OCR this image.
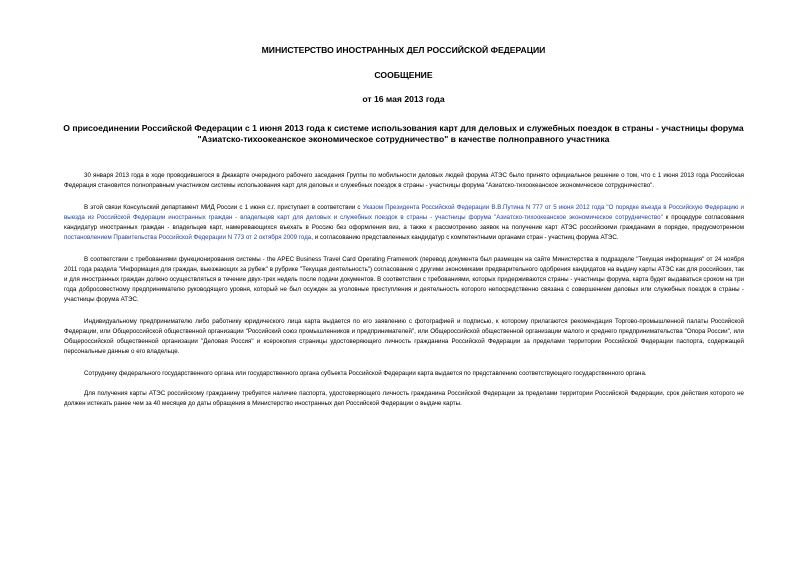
МИНИСТЕРСТВО ИНОСТРАННЫХ ДЕЛ РОССИЙСКОЙ ФЕДЕРАЦИИ
СООБЩЕНИЕ
от 16 мая 2013 года
О присоединении Российской Федерации с 1 июня 2013 года к системе использования карт для деловых и служебных поездок в страны - участницы форума "Азиатско-тихоокеанское экономическое сотрудничество" в качестве полноправного участника

30 января 2013 года в ходе проводившегося в Джакарте очередного рабочего заседания Группы по мобильности деловых людей форума АТЭС было принято официальное решение о том, что с 1 июня 2013 года Российская Федерация становится полноправным участником системы использования карт для деловых и служебных поездок в страны - участницы форума "Азиатско-тихоокеанское экономическое сотрудничество".

В этой связи Консульский департамент МИД России с 1 июня с.г. приступает в соответствии с Указом Президента Российской Федерации В.В.Путина N 777 от 5 июня 2012 года "О порядке въезда в Российскую Федерацию и выезда из Российской Федерации иностранных граждан - владельцев карт для деловых и служебных поездок в страны - участницы форума "Азиатско-тихоокеанское экономическое сотрудничество" к процедуре согласования кандидатур иностранных граждан - владельцев карт, намеревающихся въехать в Россию без оформления виз, а также к рассмотрению заявок на получение карт АТЭС российскими гражданами в порядке, предусмотренном постановлением Правительства Российской Федерации N 773 от 2 октября 2009 года, и согласованию представленных кандидатур с компетентными органами стран - участниц форума АТЭС.

В соответствии с требованиями функционирования системы - the APEC Business Travel Card Operating Framework (перевод документа был размещен на сайте Министерства в подразделе "Текущая информация" от 24 ноября 2011 года раздела "Информация для граждан, выезжающих за рубеж" в рубрике "Текущая деятельность") согласование с другими экономиками предварительного одобрения кандидатов на выдачу карты АТЭС как для российских, так и для иностранных граждан должно осуществляться в течение двух-трех недель после подачи документов. В соответствии с требованиями, которых придерживаются страны - участницы форума, карта будет выдаваться сроком на три года добросовестному предпринимателю руководящего уровня, который не был осужден за уголовные преступления и деятельность которого непосредственно связана с совершением деловых или служебных поездок в страны - участницы форума АТЭС.

Индивидуальному предпринимателю либо работнику юридического лица карта выдается по его заявлению с фотографией и подписью, к которому прилагаются рекомендация Торгово-промышленной палаты Российской Федерации, или Общероссийской общественной организации "Российский союз промышленников и предпринимателей", или Общероссийской общественной организации малого и среднего предпринимательства "Опора России", или Общероссийской общественной организации "Деловая Россия" и ксерокопия страницы удостоверяющего личность гражданина Российской Федерации за пределами территории Российской Федерации паспорта, содержащей персональные данные о его владельце.

Сотруднику федерального государственного органа или государственного органа субъекта Российской Федерации карта выдается по представлению соответствующего государственного органа.

Для получения карты АТЭС российскому гражданину требуется наличие паспорта, удостоверяющего личность гражданина Российской Федерации за пределами территории Российской Федерации, срок действия которого не должен истекать ранее чем за 40 месяцев до даты обращения в Министерство иностранных дел Российской Федерации о выдаче карты.
